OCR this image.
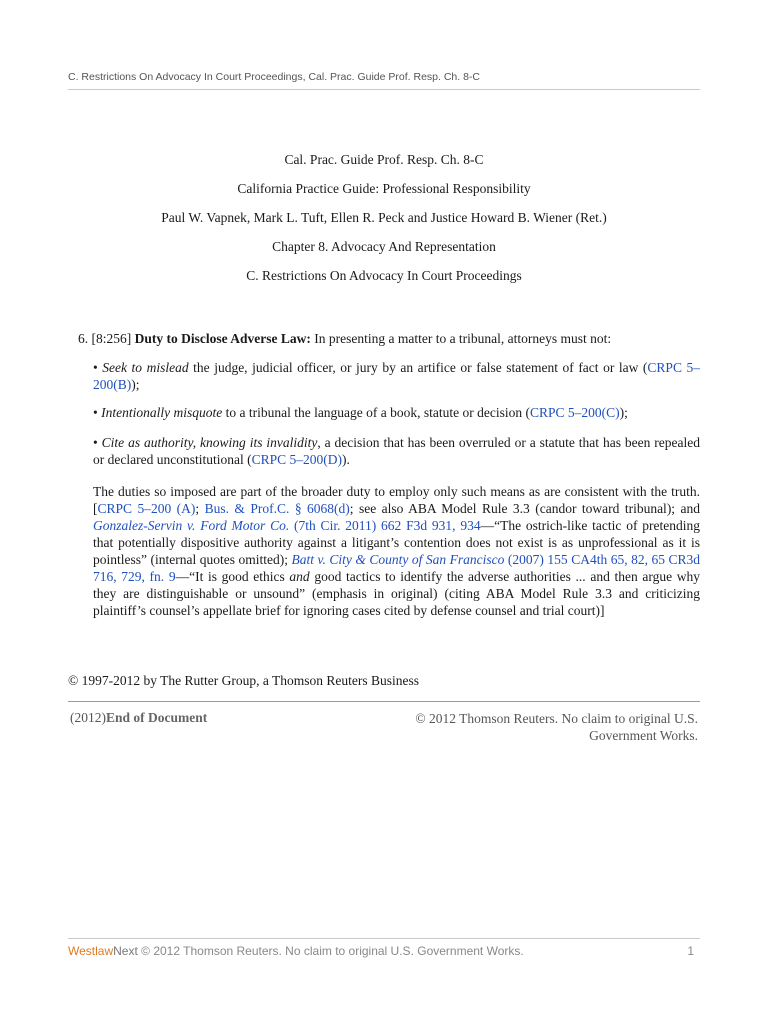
C. Restrictions On Advocacy In Court Proceedings, Cal. Prac. Guide Prof. Resp. Ch. 8-C
Cal. Prac. Guide Prof. Resp. Ch. 8-C
California Practice Guide: Professional Responsibility
Paul W. Vapnek, Mark L. Tuft, Ellen R. Peck and Justice Howard B. Wiener (Ret.)
Chapter 8. Advocacy And Representation
C. Restrictions On Advocacy In Court Proceedings
6. [8:256] Duty to Disclose Adverse Law: In presenting a matter to a tribunal, attorneys must not:
• Seek to mislead the judge, judicial officer, or jury by an artifice or false statement of fact or law (CRPC 5–200(B));
• Intentionally misquote to a tribunal the language of a book, statute or decision (CRPC 5–200(C));
• Cite as authority, knowing its invalidity, a decision that has been overruled or a statute that has been repealed or declared unconstitutional (CRPC 5–200(D)).
The duties so imposed are part of the broader duty to employ only such means as are consistent with the truth. [CRPC 5–200 (A); Bus. & Prof.C. § 6068(d); see also ABA Model Rule 3.3 (candor toward tribunal); and Gonzalez-Servin v. Ford Motor Co. (7th Cir. 2011) 662 F3d 931, 934—“The ostrich-like tactic of pretending that potentially dispositive authority against a litigant’s contention does not exist is as unprofessional as it is pointless” (internal quotes omitted); Batt v. City & County of San Francisco (2007) 155 CA4th 65, 82, 65 CR3d 716, 729, fn. 9—“It is good ethics and good tactics to identify the adverse authorities ... and then argue why they are distinguishable or unsound” (emphasis in original) (citing ABA Model Rule 3.3 and criticizing plaintiff’s counsel’s appellate brief for ignoring cases cited by defense counsel and trial court)]
© 1997-2012 by The Rutter Group, a Thomson Reuters Business
(2012)End of Document	© 2012 Thomson Reuters. No claim to original U.S. Government Works.
WestlawNext © 2012 Thomson Reuters. No claim to original U.S. Government Works.	1
